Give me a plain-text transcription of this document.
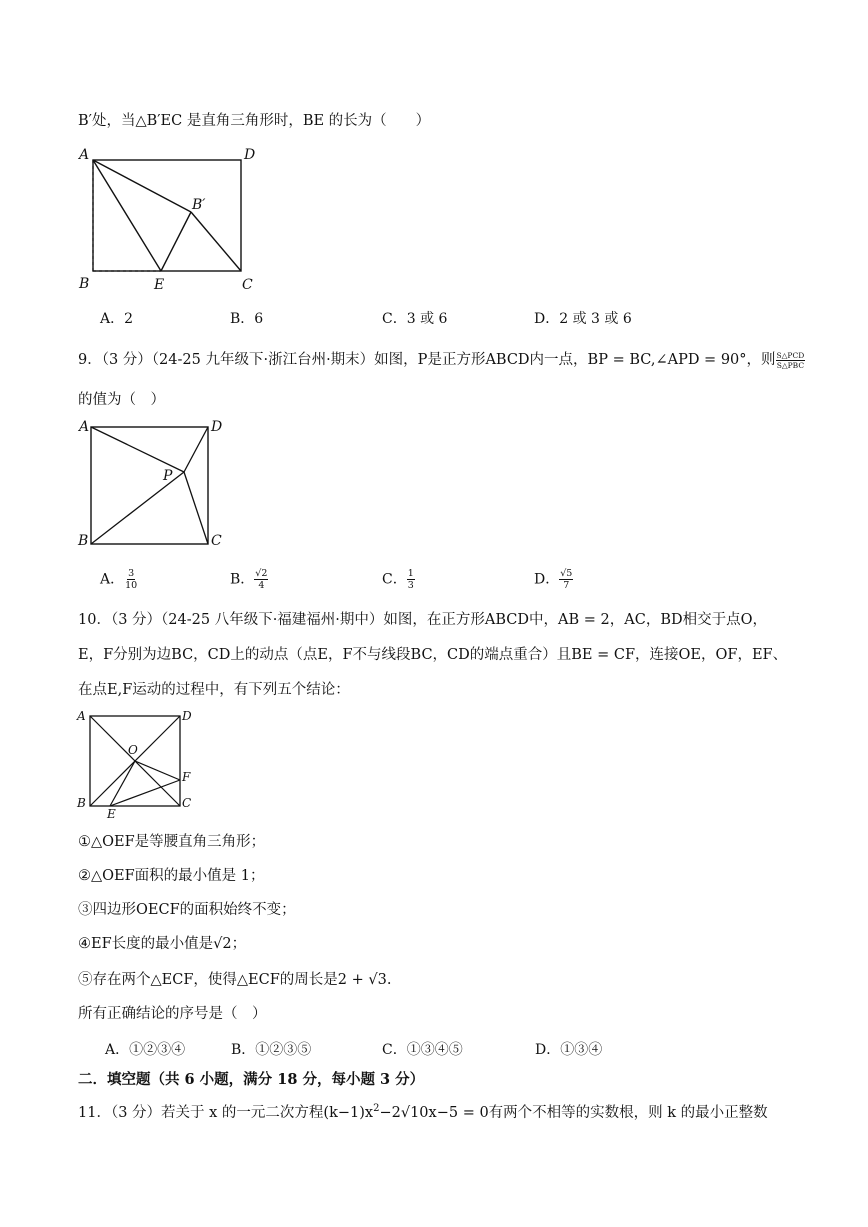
B′处，当△B′EC 是直角三角形时，BE 的长为（　　）
A	D
B′
B	E	C
A．2	B．6	C．3 或 6	D．2 或 3 或 6
9．（3 分）（24-25 九年级下·浙江台州·期末）如图，P是正方形ABCD内一点，BP = BC,∠APD = 90°，则 $\frac{\text{S△PCD}}{\text{S△PBC}}$
的值为（　）
A	D
P
B	C
A． $\frac{3}{10}$	B． $\frac{√2}{4}$	C． $\frac{1}{3}$	D． $\frac{√5}{7}$
10．（3 分）（24-25 八年级下·福建福州·期中）如图，在正方形ABCD中，AB = 2，AC，BD相交于点O，
E，F分别为边BC，CD上的动点（点E，F不与线段BC，CD的端点重合）且BE = CF，连接OE，OF，EF、
在点E,F运动的过程中，有下列五个结论：
A	D
O
F
B
E
C
①△OEF是等腰直角三角形；
②△OEF面积的最小值是 1；
③四边形OECF的面积始终不变；
④EF长度的最小值是√2；
⑤存在两个△ECF，使得△ECF的周长是2 + √3.
所有正确结论的序号是（　）
A．①②③④	B．①②③⑤	C．①③④⑤	D．①③④
二．填空题（共 6 小题，满分 18 分，每小题 3 分）
11．（3 分）若关于 x 的一元二次方程$(k-1)x^2-2√10x-5 = 0$有两个不相等的实数根，则 k 的最小正整数
